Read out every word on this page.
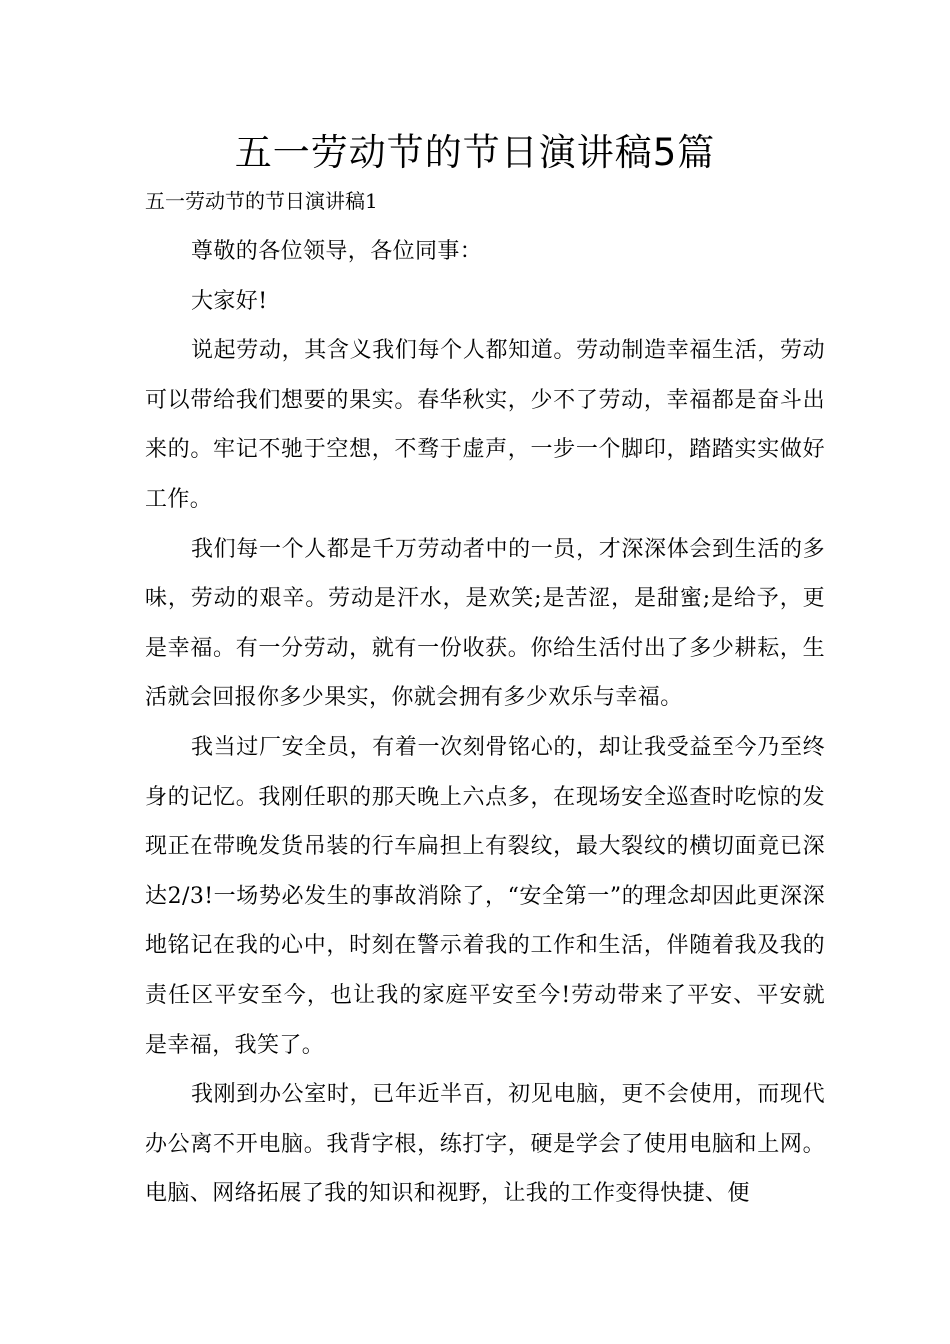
五一劳动节的节日演讲稿5篇

五一劳动节的节日演讲稿1

尊敬的各位领导，各位同事：

大家好!

说起劳动，其含义我们每个人都知道。劳动制造幸福生活，劳动可以带给我们想要的果实。春华秋实，少不了劳动，幸福都是奋斗出来的。牢记不驰于空想，不骛于虚声，一步一个脚印，踏踏实实做好工作。

我们每一个人都是千万劳动者中的一员，才深深体会到生活的多味，劳动的艰辛。劳动是汗水，是欢笑;是苦涩，是甜蜜;是给予，更是幸福。有一分劳动，就有一份收获。你给生活付出了多少耕耘，生活就会回报你多少果实，你就会拥有多少欢乐与幸福。

我当过厂安全员，有着一次刻骨铭心的，却让我受益至今乃至终身的记忆。我刚任职的那天晚上六点多，在现场安全巡查时吃惊的发现正在带晚发货吊装的行车扁担上有裂纹，最大裂纹的横切面竟已深达2/3!一场势必发生的事故消除了，“安全第一”的理念却因此更深深地铭记在我的心中，时刻在警示着我的工作和生活，伴随着我及我的责任区平安至今，也让我的家庭平安至今!劳动带来了平安、平安就是幸福，我笑了。

我刚到办公室时，已年近半百，初见电脑，更不会使用，而现代办公离不开电脑。我背字根，练打字，硬是学会了使用电脑和上网。电脑、网络拓展了我的知识和视野，让我的工作变得快捷、便
